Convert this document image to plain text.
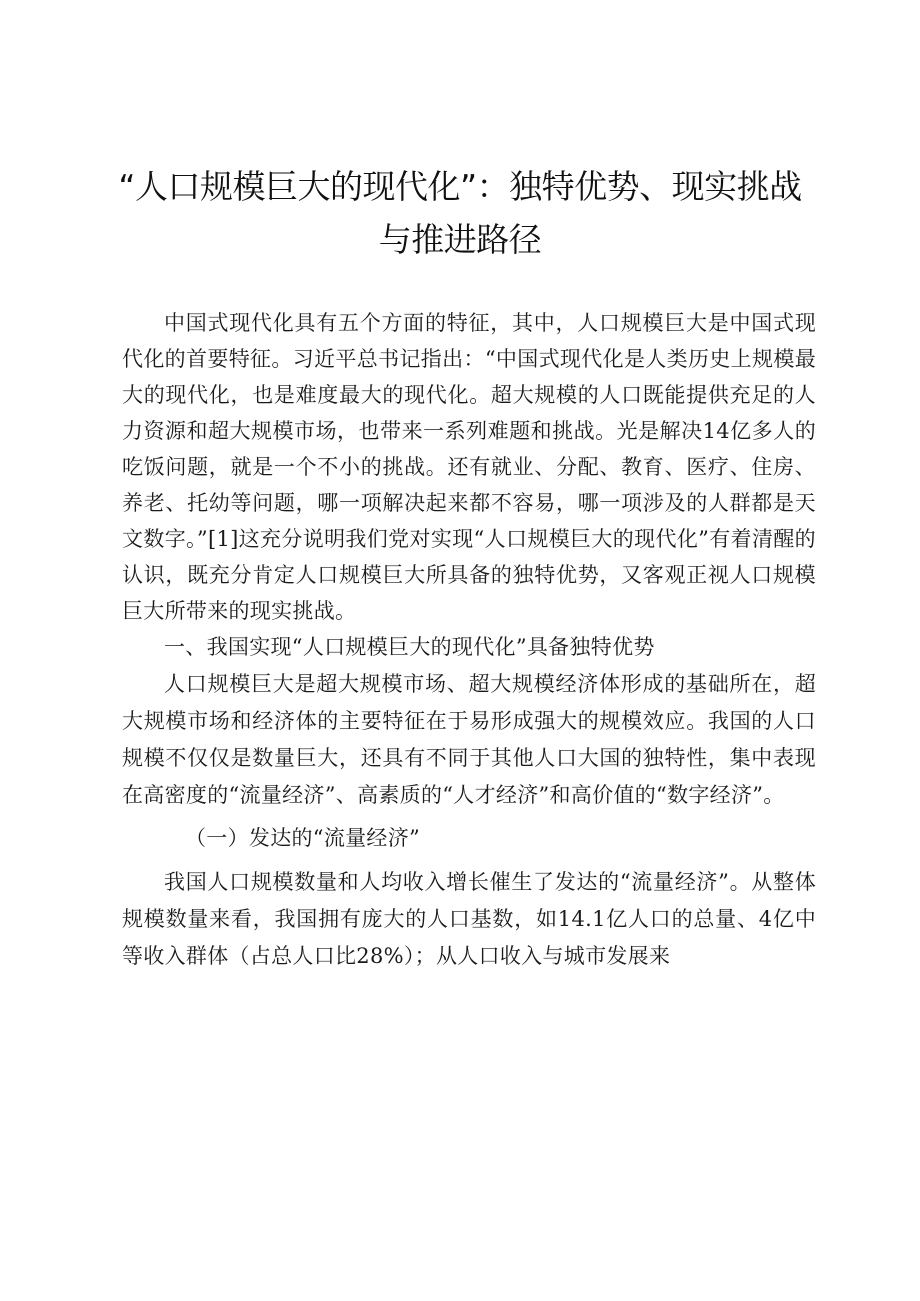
“人口规模巨大的现代化”：独特优势、现实挑战与推进路径

中国式现代化具有五个方面的特征，其中，人口规模巨大是中国式现代化的首要特征。习近平总书记指出：“中国式现代化是人类历史上规模最大的现代化，也是难度最大的现代化。超大规模的人口既能提供充足的人力资源和超大规模市场，也带来一系列难题和挑战。光是解决14亿多人的吃饭问题，就是一个不小的挑战。还有就业、分配、教育、医疗、住房、养老、托幼等问题，哪一项解决起来都不容易，哪一项涉及的人群都是天文数字。”[1]这充分说明我们党对实现“人口规模巨大的现代化”有着清醒的认识，既充分肯定人口规模巨大所具备的独特优势，又客观正视人口规模巨大所带来的现实挑战。

一、我国实现“人口规模巨大的现代化”具备独特优势

人口规模巨大是超大规模市场、超大规模经济体形成的基础所在，超大规模市场和经济体的主要特征在于易形成强大的规模效应。我国的人口规模不仅仅是数量巨大，还具有不同于其他人口大国的独特性，集中表现在高密度的“流量经济”、高素质的“人才经济”和高价值的“数字经济”。

（一）发达的“流量经济”

我国人口规模数量和人均收入增长催生了发达的“流量经济”。从整体规模数量来看，我国拥有庞大的人口基数，如14.1亿人口的总量、4亿中等收入群体（占总人口比28%）；从人口收入与城市发展来
